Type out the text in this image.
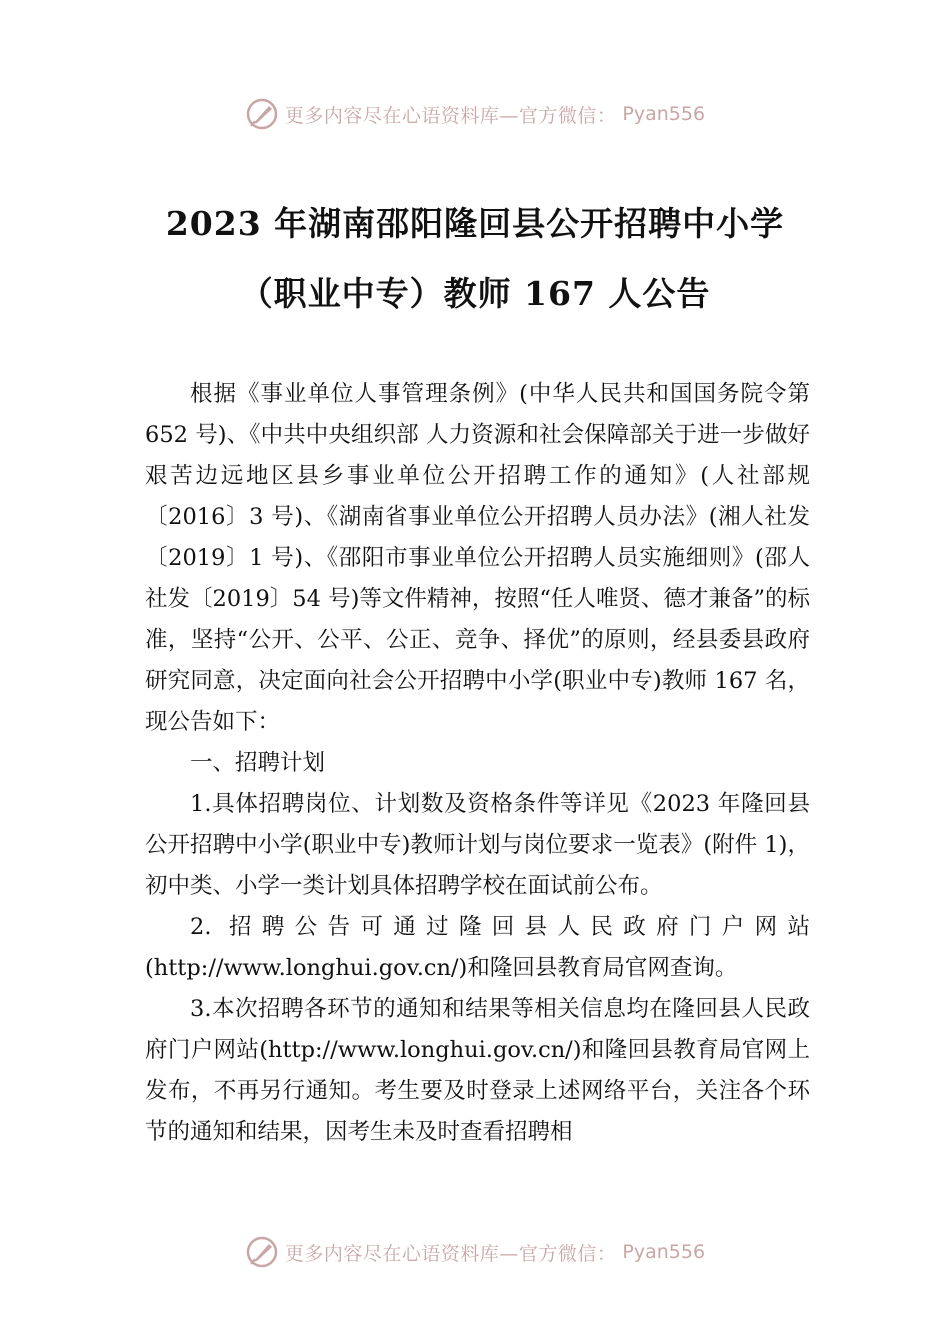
更多内容尽在心语资料库—官方微信： Pyan556
2023 年湖南邵阳隆回县公开招聘中小学
（职业中专）教师 167 人公告

根据《事业单位人事管理条例》(中华人民共和国国务院令第 652 号)、《中共中央组织部 人力资源和社会保障部关于进一步做好艰苦边远地区县乡事业单位公开招聘工作的通知》(人社部规〔2016〕3 号)、《湖南省事业单位公开招聘人员办法》(湘人社发〔2019〕1 号)、《邵阳市事业单位公开招聘人员实施细则》(邵人社发〔2019〕54 号)等文件精神，按照“任人唯贤、德才兼备”的标准，坚持“公开、公平、公正、竞争、择优”的原则，经县委县政府研究同意，决定面向社会公开招聘中小学(职业中专)教师 167 名，现公告如下：

一、招聘计划

1.具体招聘岗位、计划数及资格条件等详见《2023 年隆回县公开招聘中小学(职业中专)教师计划与岗位要求一览表》(附件 1)，初中类、小学一类计划具体招聘学校在面试前公布。

2. 招聘公告可通过隆回县人民政府门户网站(http://www.longhui.gov.cn/)和隆回县教育局官网查询。

3.本次招聘各环节的通知和结果等相关信息均在隆回县人民政府门户网站(http://www.longhui.gov.cn/)和隆回县教育局官网上发布，不再另行通知。考生要及时登录上述网络平台，关注各个环节的通知和结果，因考生未及时查看招聘相

更多内容尽在心语资料库—官方微信： Pyan556
